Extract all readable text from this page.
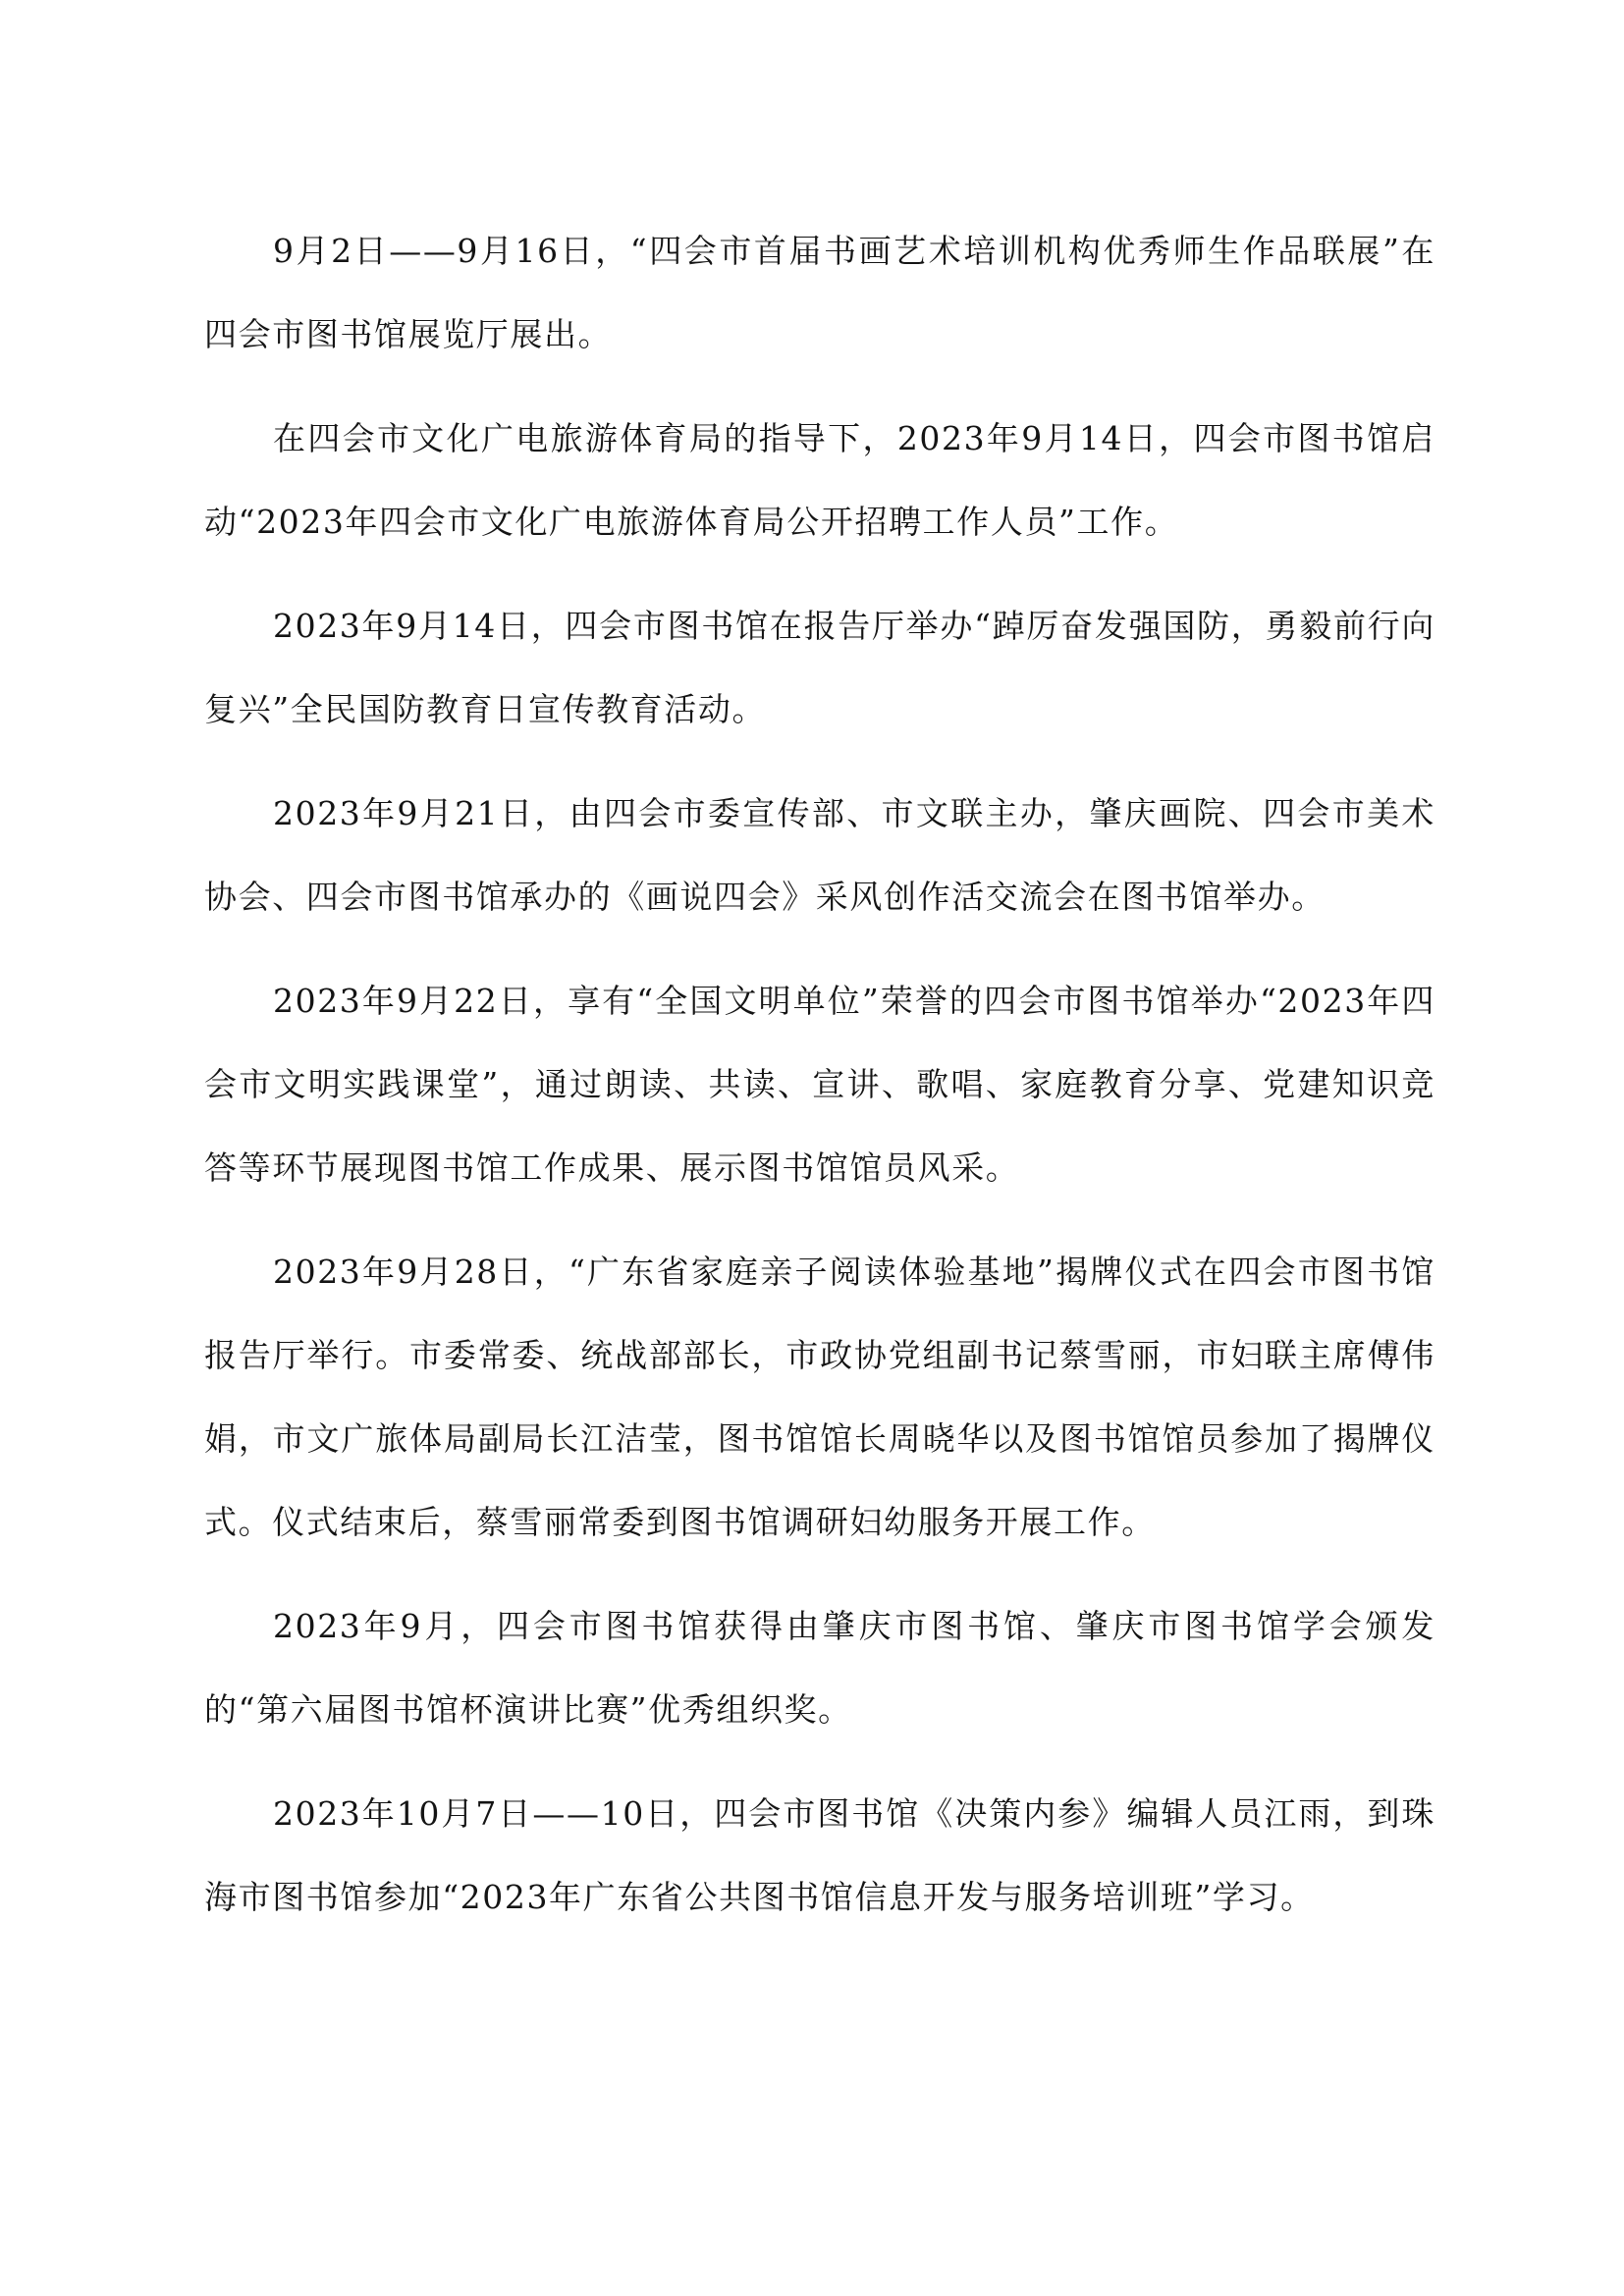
9月2日——9月16日，“四会市首届书画艺术培训机构优秀师生作品联展”在四会市图书馆展览厅展出。

在四会市文化广电旅游体育局的指导下，2023年9月14日，四会市图书馆启动“2023年四会市文化广电旅游体育局公开招聘工作人员”工作。

2023年9月14日，四会市图书馆在报告厅举办“踔厉奋发强国防，勇毅前行向复兴”全民国防教育日宣传教育活动。

2023年9月21日，由四会市委宣传部、市文联主办，肇庆画院、四会市美术协会、四会市图书馆承办的《画说四会》采风创作活交流会在图书馆举办。

2023年9月22日，享有“全国文明单位”荣誉的四会市图书馆举办“2023年四会市文明实践课堂”，通过朗读、共读、宣讲、歌唱、家庭教育分享、党建知识竞答等环节展现图书馆工作成果、展示图书馆馆员风采。

2023年9月28日，“广东省家庭亲子阅读体验基地”揭牌仪式在四会市图书馆报告厅举行。市委常委、统战部部长，市政协党组副书记蔡雪丽，市妇联主席傅伟娟，市文广旅体局副局长江洁莹，图书馆馆长周晓华以及图书馆馆员参加了揭牌仪式。仪式结束后，蔡雪丽常委到图书馆调研妇幼服务开展工作。

2023年9月，四会市图书馆获得由肇庆市图书馆、肇庆市图书馆学会颁发的“第六届图书馆杯演讲比赛”优秀组织奖。

2023年10月7日——10日，四会市图书馆《决策内参》编辑人员江雨，到珠海市图书馆参加“2023年广东省公共图书馆信息开发与服务培训班”学习。
